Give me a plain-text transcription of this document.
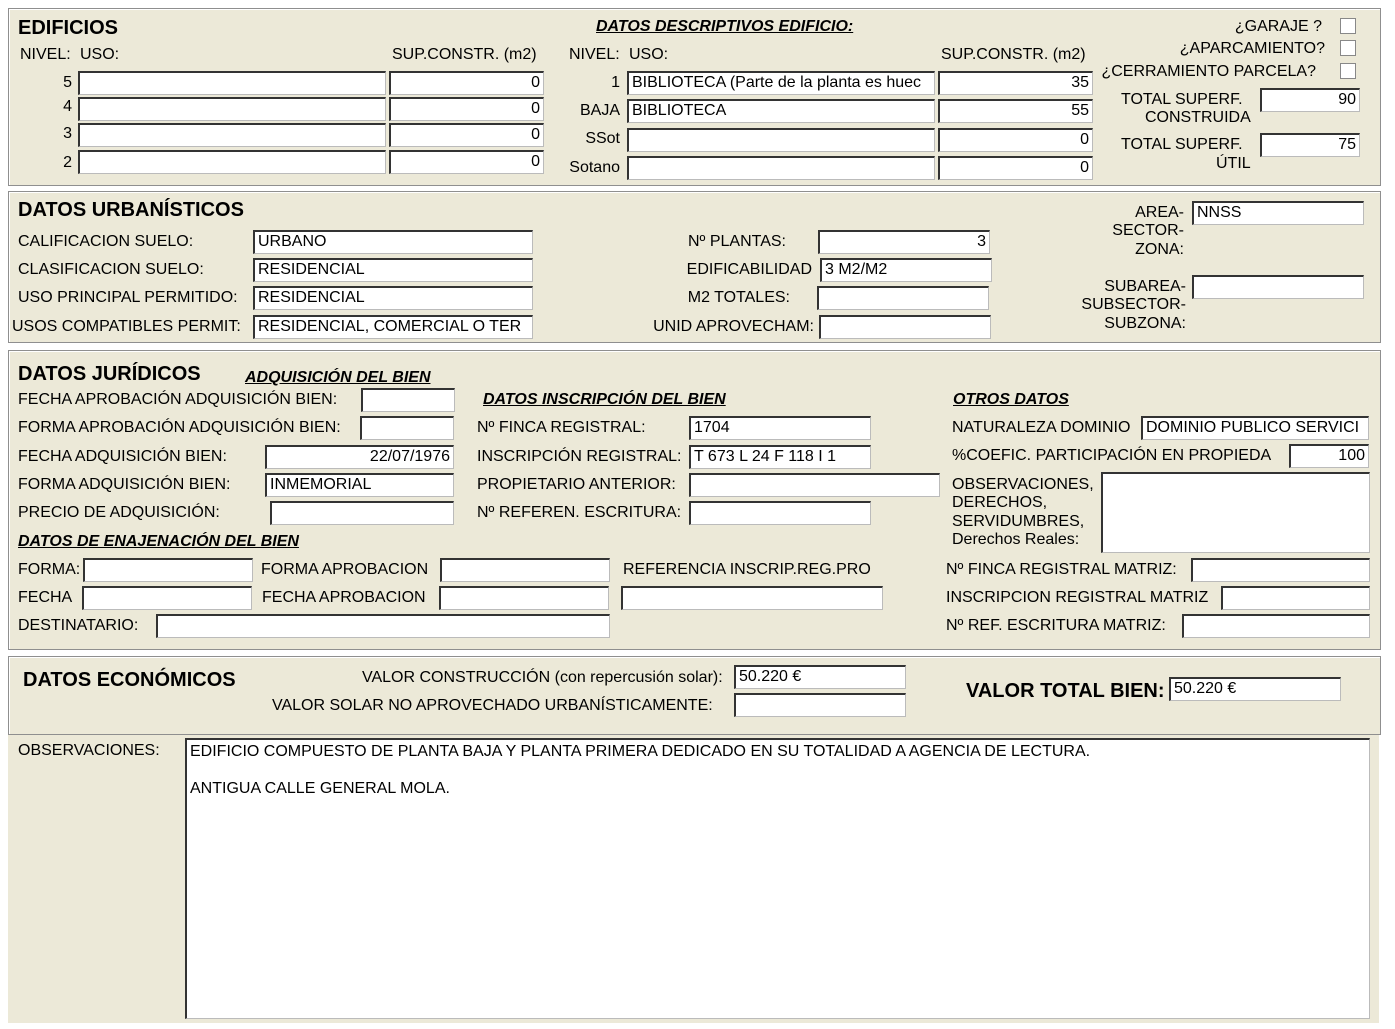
EDIFICIOS	DATOS DESCRIPTIVOS EDIFICIO:
NIVEL: USO:	SUP.CONSTR. (m2) NIVEL: USO:	SUP.CONSTR. (m2)
5	0
4	0
3	0
2	0
1 BIBLIOTECA (Parte de la planta es huec	35
BAJA BIBLIOTECA	55
SSot	0
Sotano	0
¿GARAJE ?
¿APARCAMIENTO?
¿CERRAMIENTO PARCELA?
TOTAL SUPERF.
CONSTRUIDA
90
TOTAL SUPERF.
ÚTIL
75
DATOS URBANÍSTICOS
CALIFICACION SUELO:	URBANO
CLASIFICACION SUELO:	RESIDENCIAL
USO PRINCIPAL PERMITIDO:	RESIDENCIAL
USOS COMPATIBLES PERMIT:	RESIDENCIAL, COMERCIAL O TER
Nº PLANTAS:	3
EDIFICABILIDAD 3 M2/M2
M2 TOTALES:
UNID APROVECHAM:
AREA-
SECTOR-
ZONA:
NNSS
SUBAREA-
SUBSECTOR-
SUBZONA:
DATOS JURÍDICOS	ADQUISICIÓN DEL BIEN
FECHA APROBACIÓN ADQUISICIÓN BIEN:
FORMA APROBACIÓN ADQUISICIÓN BIEN:
FECHA ADQUISICIÓN BIEN:	22/07/1976
FORMA ADQUISICIÓN BIEN:	INMEMORIAL
PRECIO DE ADQUISICIÓN:
DATOS INSCRIPCIÓN DEL BIEN
Nº FINCA REGISTRAL:	1704
INSCRIPCIÓN REGISTRAL: T 673 L 24 F 118 I 1
PROPIETARIO ANTERIOR:
Nº REFEREN. ESCRITURA:
OTROS DATOS
NATURALEZA DOMINIO DOMINIO PUBLICO SERVICI
%COEFIC. PARTICIPACIÓN EN PROPIEDA	100
OBSERVACIONES,
DERECHOS,
SERVIDUMBRES,
Derechos Reales:
DATOS DE ENAJENACIÓN DEL BIEN
FORMA:	FORMA APROBACION	REFERENCIA INSCRIP.REG.PRO
FECHA	FECHA APROBACION
DESTINATARIO:
Nº FINCA REGISTRAL MATRIZ:
INSCRIPCION REGISTRAL MATRIZ
Nº REF. ESCRITURA MATRIZ:
DATOS ECONÓMICOS	VALOR CONSTRUCCIÓN (con repercusión solar):	50.220 €
VALOR SOLAR NO APROVECHADO URBANÍSTICAMENTE:
VALOR TOTAL BIEN: 50.220 €
OBSERVACIONES: EDIFICIO COMPUESTO DE PLANTA BAJA Y PLANTA PRIMERA DEDICADO EN SU TOTALIDAD A AGENCIA DE LECTURA.
ANTIGUA CALLE GENERAL MOLA.
